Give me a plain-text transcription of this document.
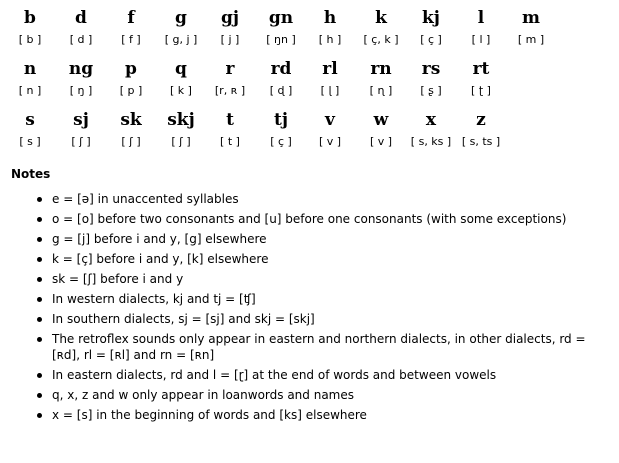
b
[ b ]
d
[ d ]
f
[ f ]
g
[ g, j ]
gj
[ j ]
gn
[ ŋn ]
h
[ h ]
k
[ ç, k ]
kj
[ ç ]
l
[ l ]
m
[ m ]
n
[ n ]
ng
[ ŋ ]
p
[ p ]
q
[ k ]
r
[r, ʀ ]
rd
[ ɖ ]
rl
[ ɭ ]
rn
[ ɳ ]
rs
[ ʂ ]
rt
[ ʈ ]
s
[ s ]
sj
[ ʃ ]
sk
[ ʃ ]
skj
[ ʃ ]
t
[ t ]
tj
[ ç ]
v
[ v ]
w
[ v ]
x
[ s, ks ]
z
[ s, ts ]
Notes
e = [ə] in unaccented syllables
o = [o] before two consonants and [u] before one consonants (with some exceptions)
g = [j] before i and y, [g] elsewhere
k = [ç] before i and y, [k] elsewhere
sk = [ʃ] before i and y
In western dialects, kj and tj = [ʧ]
In southern dialects, sj = [sj] and skj = [skj]
The retroflex sounds only appear in eastern and northern dialects, in other dialects, rd = [ʀd], rl = [ʀl] and rn = [ʀn]
In eastern dialects, rd and l = [ɽ] at the end of words and between vowels
q, x, z and w only appear in loanwords and names
x = [s] in the beginning of words and [ks] elsewhere
